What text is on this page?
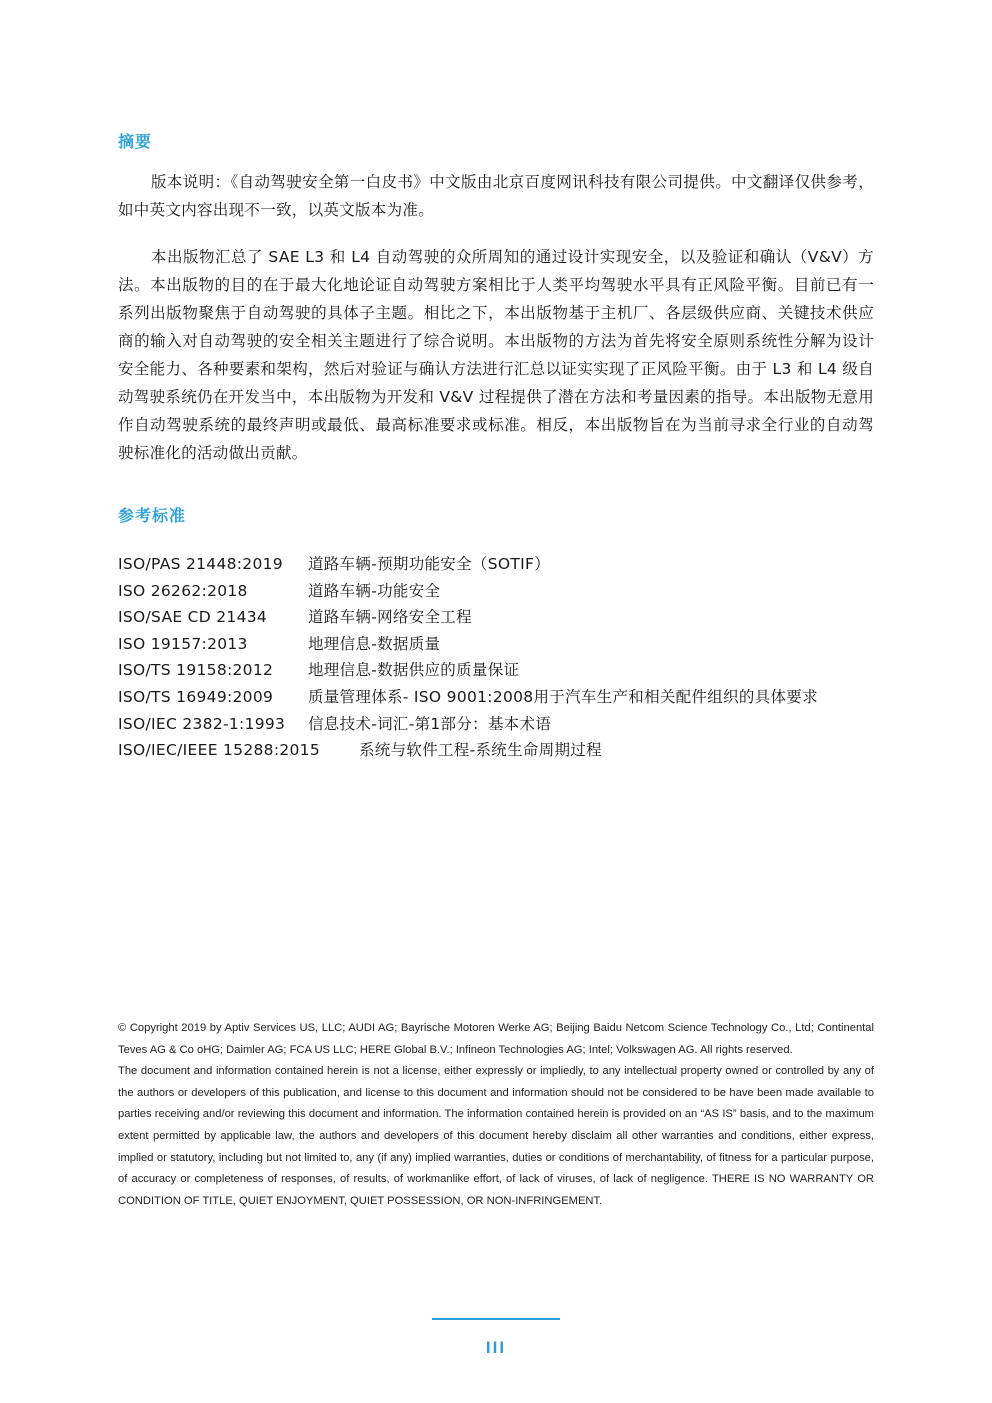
摘要

版本说明：《自动驾驶安全第一白皮书》中文版由北京百度网讯科技有限公司提供。中文翻译仅供参考，如中英文内容出现不一致，以英文版本为准。

本出版物汇总了 SAE L3 和 L4 自动驾驶的众所周知的通过设计实现安全，以及验证和确认（V&V）方法。本出版物的目的在于最大化地论证自动驾驶方案相比于人类平均驾驶水平具有正风险平衡。目前已有一系列出版物聚焦于自动驾驶的具体子主题。相比之下，本出版物基于主机厂、各层级供应商、关键技术供应商的输入对自动驾驶的安全相关主题进行了综合说明。本出版物的方法为首先将安全原则系统性分解为设计安全能力、各种要素和架构，然后对验证与确认方法进行汇总以证实实现了正风险平衡。由于 L3 和 L4 级自动驾驶系统仍在开发当中，本出版物为开发和 V&V 过程提供了潜在方法和考量因素的指导。本出版物无意用作自动驾驶系统的最终声明或最低、最高标准要求或标准。相反，本出版物旨在为当前寻求全行业的自动驾驶标准化的活动做出贡献。

参考标准
ISO/PAS 21448:2019	道路车辆-预期功能安全（SOTIF）
ISO 26262:2018	道路车辆-功能安全
ISO/SAE CD 21434	道路车辆-网络安全工程
ISO 19157:2013	地理信息-数据质量
ISO/TS 19158:2012	地理信息-数据供应的质量保证
ISO/TS 16949:2009	质量管理体系- ISO 9001:2008用于汽车生产和相关配件组织的具体要求
ISO/IEC 2382-1:1993	信息技术-词汇-第1部分：基本术语
ISO/IEC/IEEE 15288:2015	系统与软件工程-系统生命周期过程

© Copyright 2019 by Aptiv Services US, LLC; AUDI AG; Bayrische Motoren Werke AG; Beijing Baidu Netcom Science Technology Co., Ltd; Continental Teves AG & Co oHG; Daimler AG; FCA US LLC; HERE Global B.V.; Infineon Technologies AG; Intel; Volkswagen AG. All rights reserved.

The document and information contained herein is not a license, either expressly or impliedly, to any intellectual property owned or controlled by any of the authors or developers of this publication, and license to this document and information should not be considered to be have been made available to parties receiving and/or reviewing this document and information. The information contained herein is provided on an “AS IS” basis, and to the maximum extent permitted by applicable law, the authors and developers of this document hereby disclaim all other warranties and conditions, either express, implied or statutory, including but not limited to, any (if any) implied warranties, duties or conditions of merchantability, of fitness for a particular purpose, of accuracy or completeness of responses, of results, of workmanlike effort, of lack of viruses, of lack of negligence. THERE IS NO WARRANTY OR CONDITION OF TITLE, QUIET ENJOYMENT, QUIET POSSESSION, OR NON-INFRINGEMENT.

III
